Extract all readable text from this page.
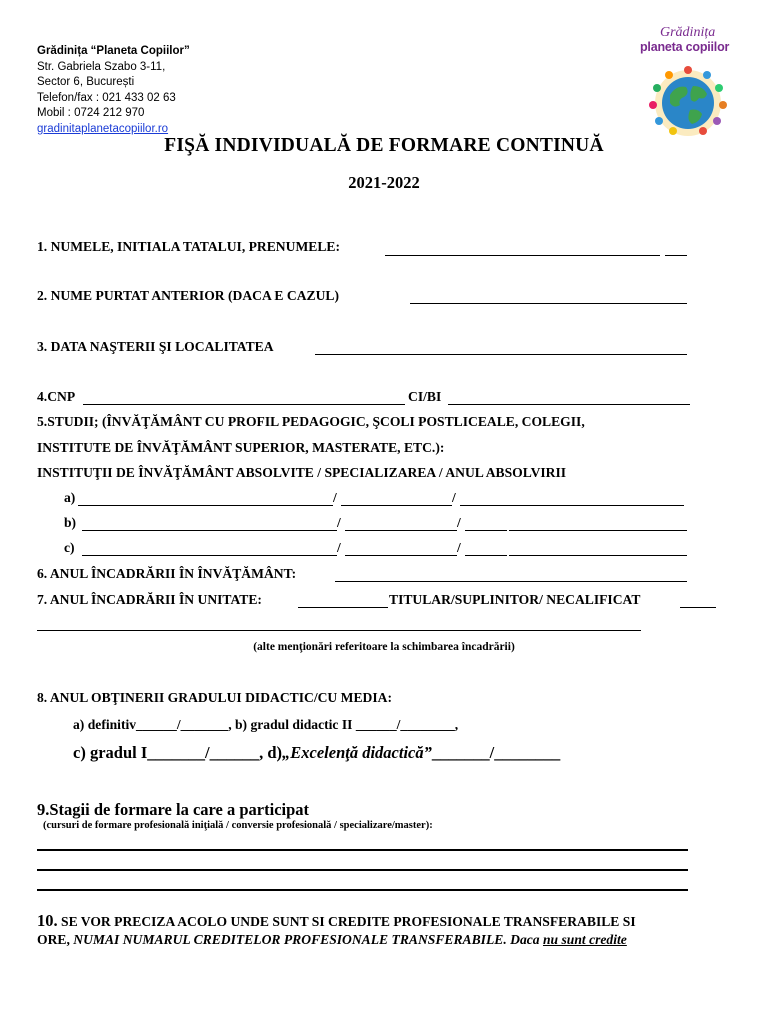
Grădinița “Planeta Copiilor”
Str. Gabriela Szabo 3-11,
Sector 6, București
Telefon/fax : 021 433 02 63
Mobil : 0724 212 970
gradinitaplanetacopiilor.ro
Grădinița
planeta copiilor
FIŞĂ INDIVIDUALĂ DE FORMARE CONTINUĂ
2021-2022
1. NUMELE, INITIALA TATALUI, PRENUMELE:
2. NUME PURTAT ANTERIOR (DACA E CAZUL)
3. DATA NAŞTERII ŞI LOCALITATEA
4.CNP	CI/BI
5.STUDII; (ÎNVĂŢĂMÂNT CU PROFIL PEDAGOGIC, ŞCOLI POSTLICEALE, COLEGII,
INSTITUTE DE ÎNVĂŢĂMÂNT SUPERIOR, MASTERATE, ETC.):
INSTITUŢII DE ÎNVĂŢĂMÂNT ABSOLVITE / SPECIALIZAREA / ANUL ABSOLVIRII
a)	/	/
b)	/	/
c)	/	/
6. ANUL ÎNCADRĂRII ÎN ÎNVĂŢĂMÂNT:
7. ANUL ÎNCADRĂRII ÎN UNITATE:	TITULAR/SUPLINITOR/ NECALIFICAT
(alte menţionări referitoare la schimbarea încadrării)
8. ANUL OBŢINERII GRADULUI DIDACTIC/CU MEDIA:
a) definitiv______/_______, b) gradul didactic II ______/________,
c) gradul I_______/______, d)„Excelenţă didactică”_______/________
9.Stagii de formare la care a participat
(cursuri de formare profesională iniţială / conversie profesională / specializare/master):
10. SE VOR PRECIZA ACOLO UNDE SUNT SI CREDITE PROFESIONALE TRANSFERABILE SI
ORE, NUMAI NUMARUL CREDITELOR PROFESIONALE TRANSFERABILE. Daca nu sunt credite
